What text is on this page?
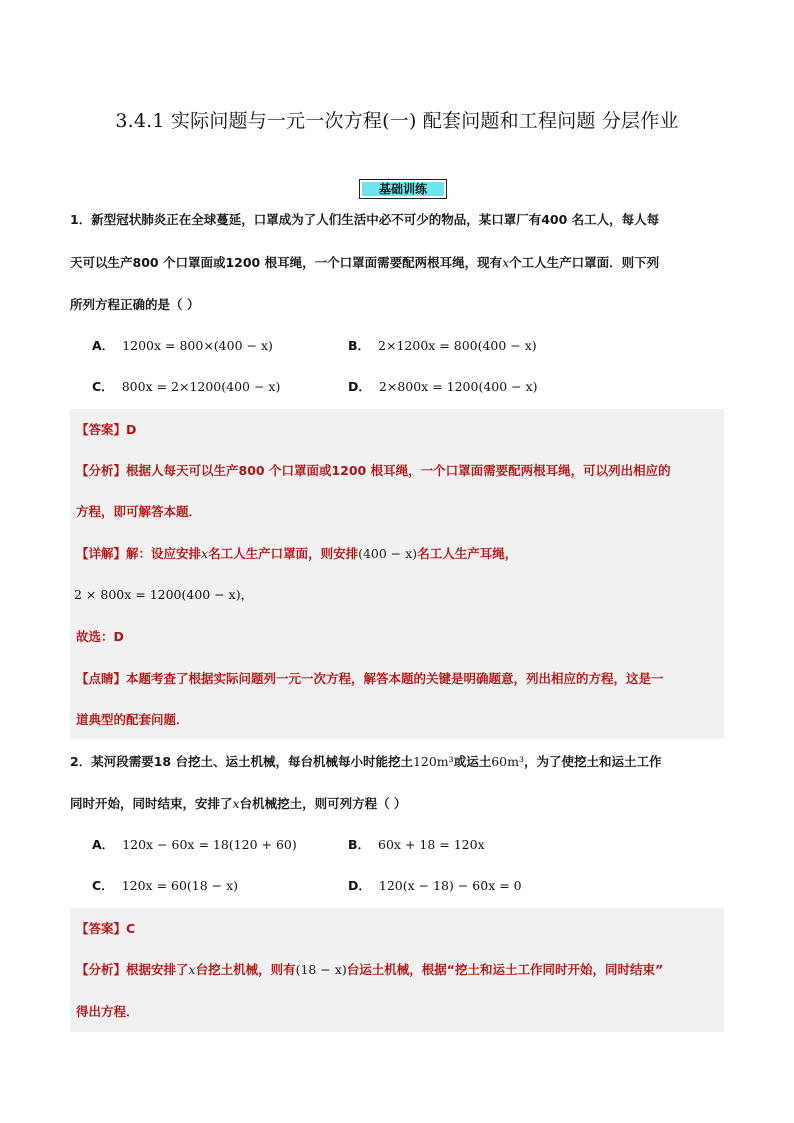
3.4.1 实际问题与一元一次方程(一) 配套问题和工程问题 分层作业
基础训练
1．新型冠状肺炎正在全球蔓延，口罩成为了人们生活中必不可少的物品，某口罩厂有400 名工人，每人每
天可以生产800 个口罩面或1200 根耳绳，一个口罩面需要配两根耳绳，现有x个工人生产口罩面．则下列
所列方程正确的是（ ）
A． 1200x = 800×(400 − x)	B． 2×1200x = 800(400 − x)
C． 800x = 2×1200(400 − x)	D． 2×800x = 1200(400 − x)
【答案】D
【分析】根据人每天可以生产800 个口罩面或1200 根耳绳，一个口罩面需要配两根耳绳，可以列出相应的
方程，即可解答本题．
【详解】解：设应安排x名工人生产口罩面，则安排(400 − x)名工人生产耳绳，
2 × 800x = 1200(400 − x)，
故选：D
【点睛】本题考查了根据实际问题列一元一次方程，解答本题的关键是明确题意，列出相应的方程，这是一
道典型的配套问题．
2．某河段需要18 台挖土、运土机械，每台机械每小时能挖土120m³或运土60m³，为了使挖土和运土工作
同时开始，同时结束，安排了x台机械挖土，则可列方程（ ）
A． 120x − 60x = 18(120 + 60)	B． 60x + 18 = 120x
C． 120x = 60(18 − x)	D． 120(x − 18) − 60x = 0
【答案】C
【分析】根据安排了x台挖土机械，则有(18 − x)台运土机械，根据“挖土和运土工作同时开始，同时结束”
得出方程．
